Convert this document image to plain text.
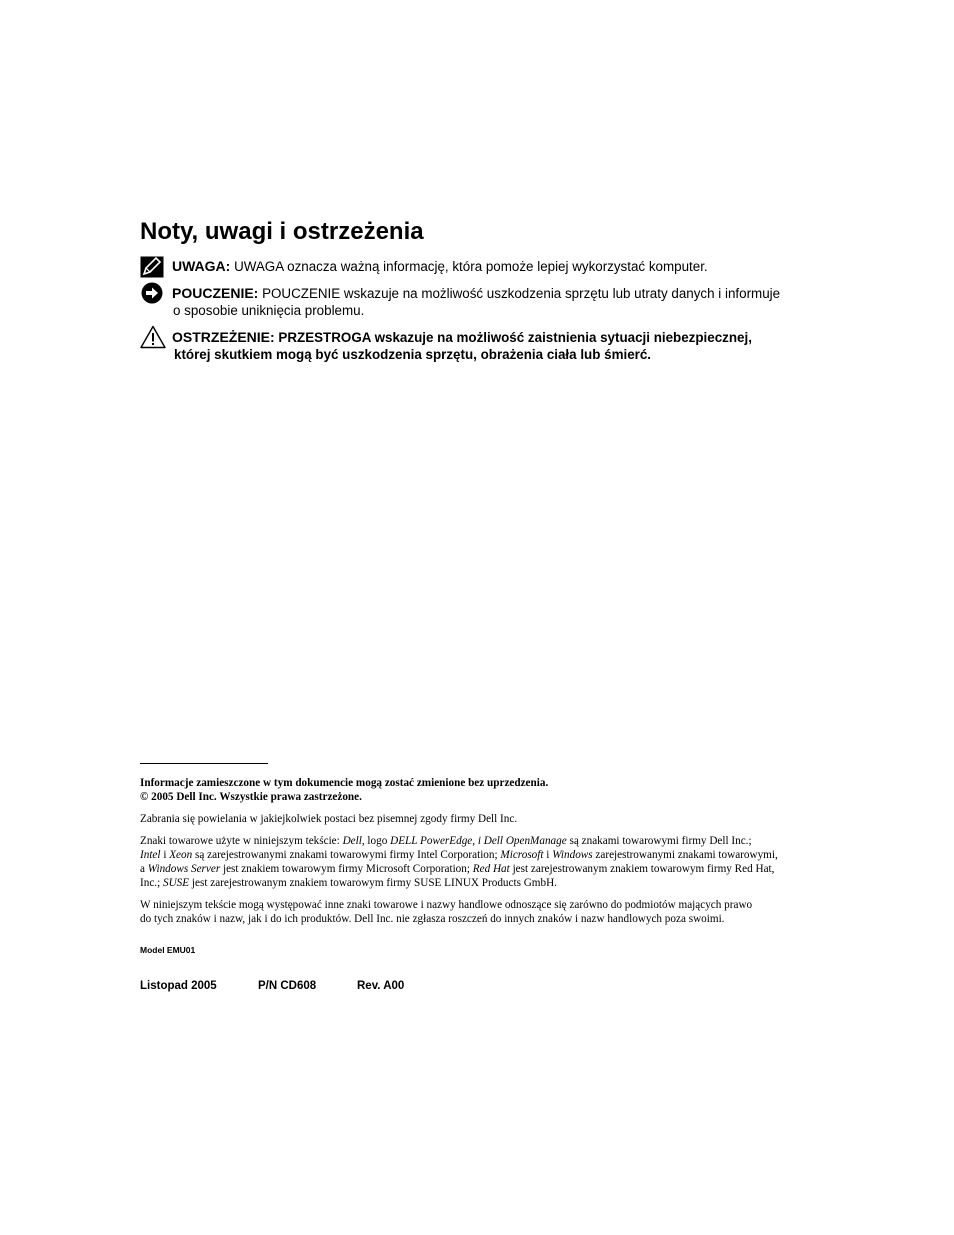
Noty, uwagi i ostrzeżenia
UWAGA: UWAGA oznacza ważną informację, która pomoże lepiej wykorzystać komputer.
POUCZENIE: POUCZENIE wskazuje na możliwość uszkodzenia sprzętu lub utraty danych i informuje
o sposobie uniknięcia problemu.
OSTRZEŻENIE: PRZESTROGA wskazuje na możliwość zaistnienia sytuacji niebezpiecznej,
której skutkiem mogą być uszkodzenia sprzętu, obrażenia ciała lub śmierć.
Informacje zamieszczone w tym dokumencie mogą zostać zmienione bez uprzedzenia.
© 2005 Dell Inc. Wszystkie prawa zastrzeżone.
Zabrania się powielania w jakiejkolwiek postaci bez pisemnej zgody firmy Dell Inc.
Znaki towarowe użyte w niniejszym tekście: Dell, logo DELL PowerEdge, i Dell OpenManage są znakami towarowymi firmy Dell Inc.;
Intel i Xeon są zarejestrowanymi znakami towarowymi firmy Intel Corporation; Microsoft i Windows zarejestrowanymi znakami towarowymi,
a Windows Server jest znakiem towarowym firmy Microsoft Corporation; Red Hat jest zarejestrowanym znakiem towarowym firmy Red Hat,
Inc.; SUSE jest zarejestrowanym znakiem towarowym firmy SUSE LINUX Products GmbH.
W niniejszym tekście mogą występować inne znaki towarowe i nazwy handlowe odnoszące się zarówno do podmiotów mających prawo
do tych znaków i nazw, jak i do ich produktów. Dell Inc. nie zgłasza roszczeń do innych znaków i nazw handlowych poza swoimi.
Model EMU01
Listopad 2005	P/N CD608	Rev. A00
